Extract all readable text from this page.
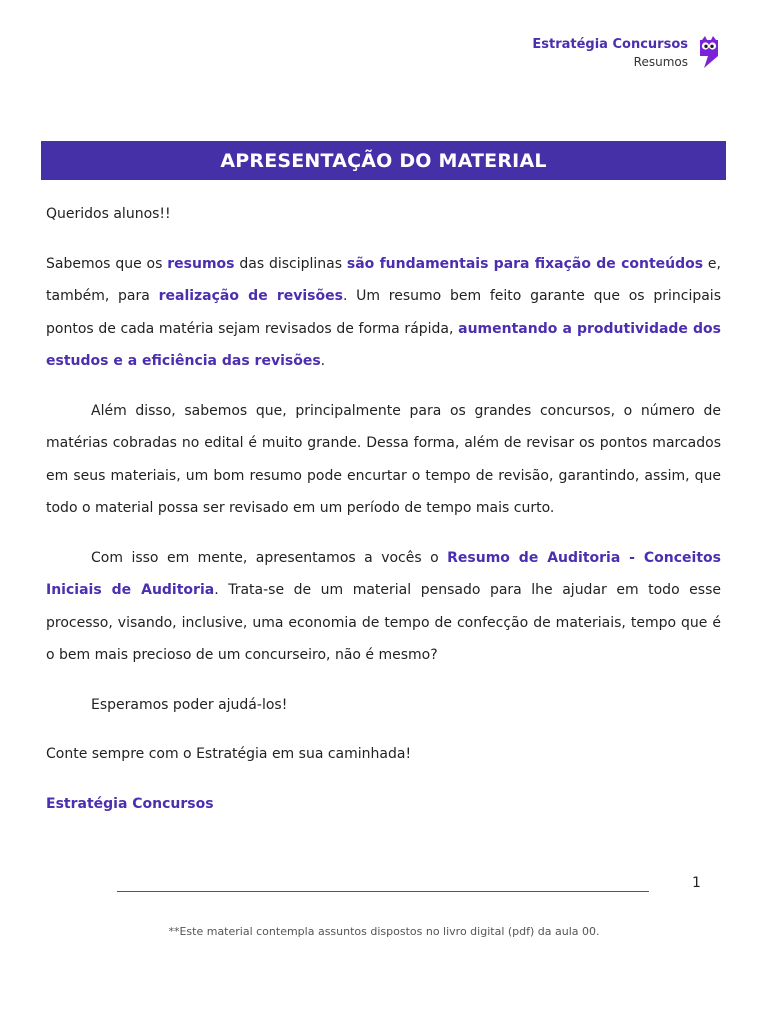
Estratégia Concursos
Resumos
APRESENTAÇÃO DO MATERIAL

Queridos alunos!!

Sabemos que os resumos das disciplinas são fundamentais para fixação de conteúdos e, também, para realização de revisões. Um resumo bem feito garante que os principais pontos de cada matéria sejam revisados de forma rápida, aumentando a produtividade dos estudos e a eficiência das revisões.

Além disso, sabemos que, principalmente para os grandes concursos, o número de matérias cobradas no edital é muito grande. Dessa forma, além de revisar os pontos marcados em seus materiais, um bom resumo pode encurtar o tempo de revisão, garantindo, assim, que todo o material possa ser revisado em um período de tempo mais curto.

Com isso em mente, apresentamos a vocês o Resumo de Auditoria - Conceitos Iniciais de Auditoria. Trata-se de um material pensado para lhe ajudar em todo esse processo, visando, inclusive, uma economia de tempo de confecção de materiais, tempo que é o bem mais precioso de um concurseiro, não é mesmo?

Esperamos poder ajudá-los!

Conte sempre com o Estratégia em sua caminhada!

Estratégia Concursos

1
**Este material contempla assuntos dispostos no livro digital (pdf) da aula 00.
